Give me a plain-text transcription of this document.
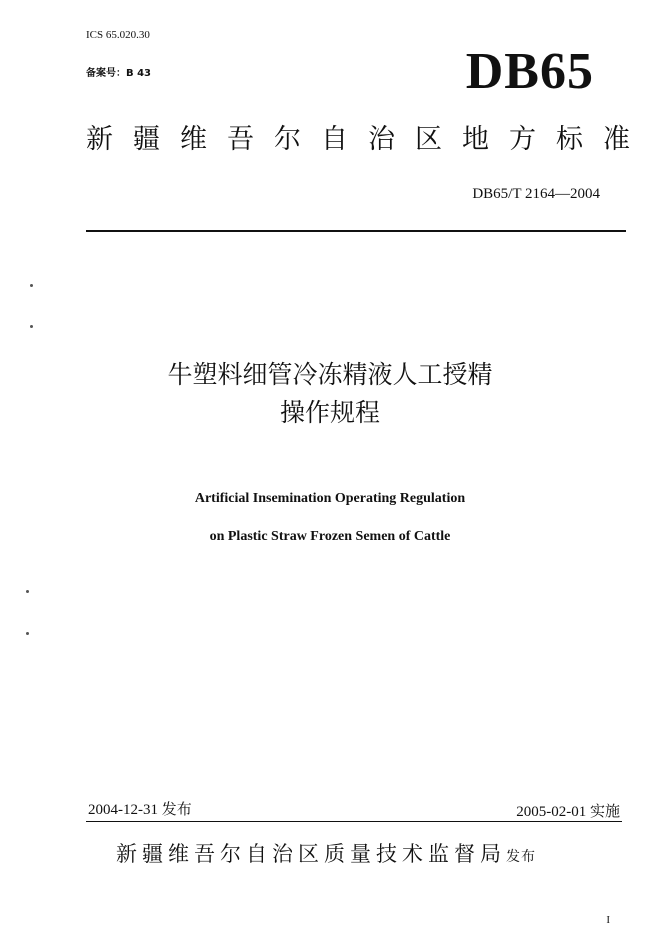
ICS 65.020.30
备案号：B 43	DB65
新 疆 维 吾 尔 自 治 区 地 方 标 准
DB65/T 2164—2004
牛塑料细管冷冻精液人工授精
操作规程
Artificial Insemination Operating Regulation
on Plastic Straw Frozen Semen of Cattle
2004-12-31 发布	2005-02-01 实施
新疆维吾尔自治区质量技术监督局发布
I
